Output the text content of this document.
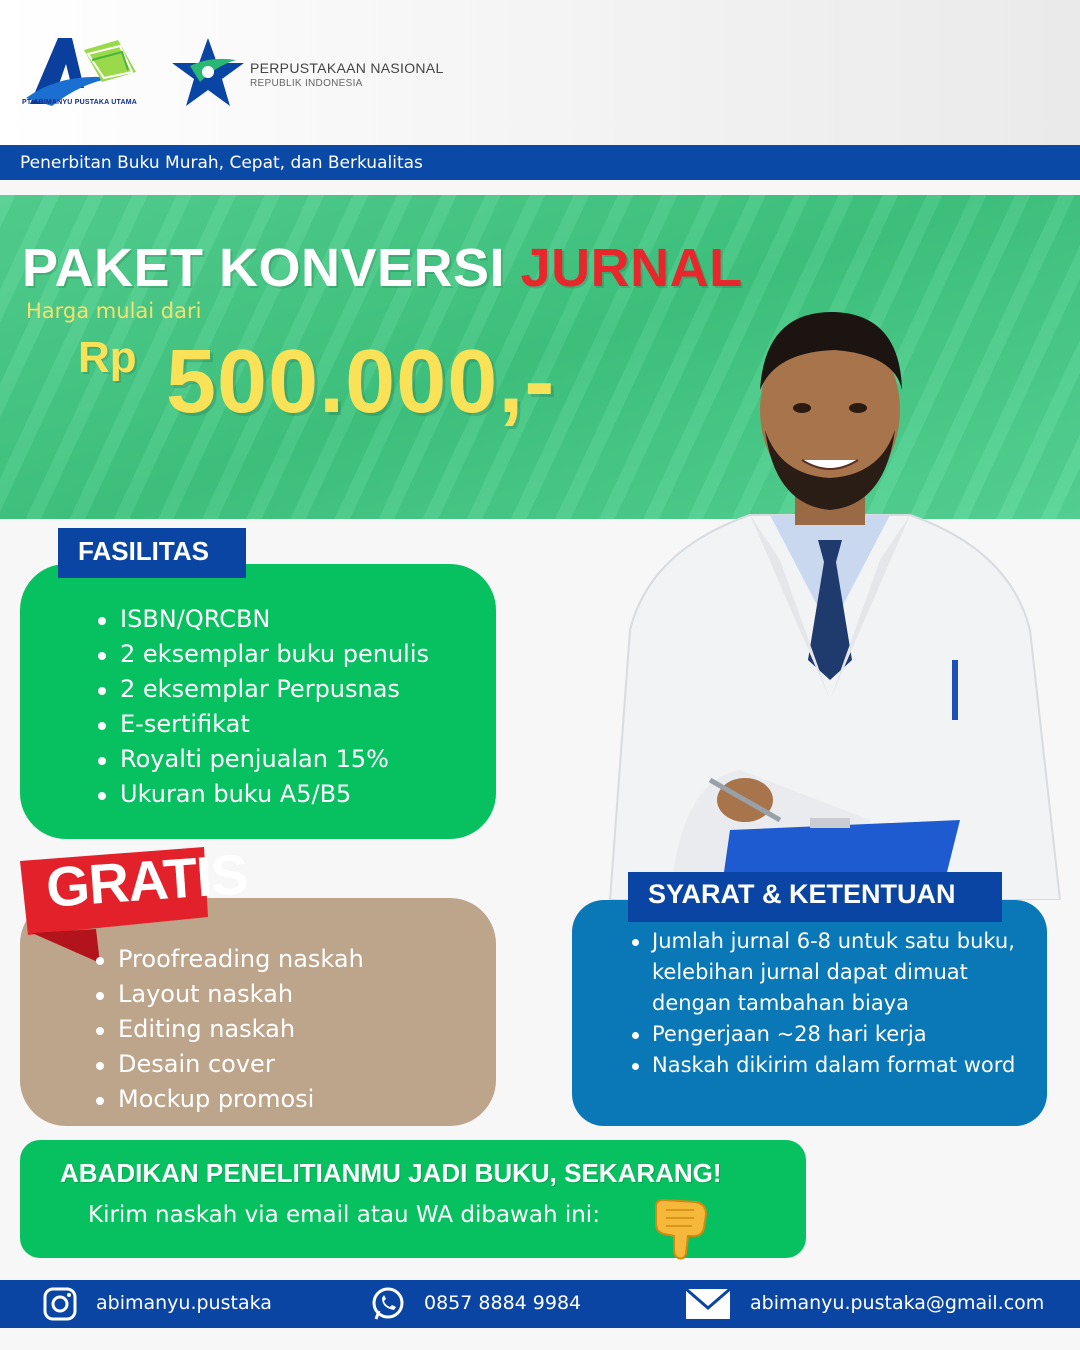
PT ABIMANYU PUSTAKA UTAMA
PERPUSTAKAAN NASIONAL
REPUBLIK INDONESIA
Penerbitan Buku Murah, Cepat, dan Berkualitas
PAKET KONVERSI JURNAL
Harga mulai dari
Rp 500.000,-
FASILITAS
ISBN/QRCBN
2 eksemplar buku penulis
2 eksemplar Perpusnas
E-sertifikat
Royalti penjualan 15%
Ukuran buku A5/B5
GRATIS
Proofreading naskah
Layout naskah
Editing naskah
Desain cover
Mockup promosi
SYARAT & KETENTUAN
Jumlah jurnal 6-8 untuk satu buku, kelebihan jurnal dapat dimuat dengan tambahan biaya
Pengerjaan ~28 hari kerja
Naskah dikirim dalam format word
ABADIKAN PENELITIANMU JADI BUKU, SEKARANG!
Kirim naskah via email atau WA dibawah ini:
abimanyu.pustaka	0857 8884 9984	abimanyu.pustaka@gmail.com
